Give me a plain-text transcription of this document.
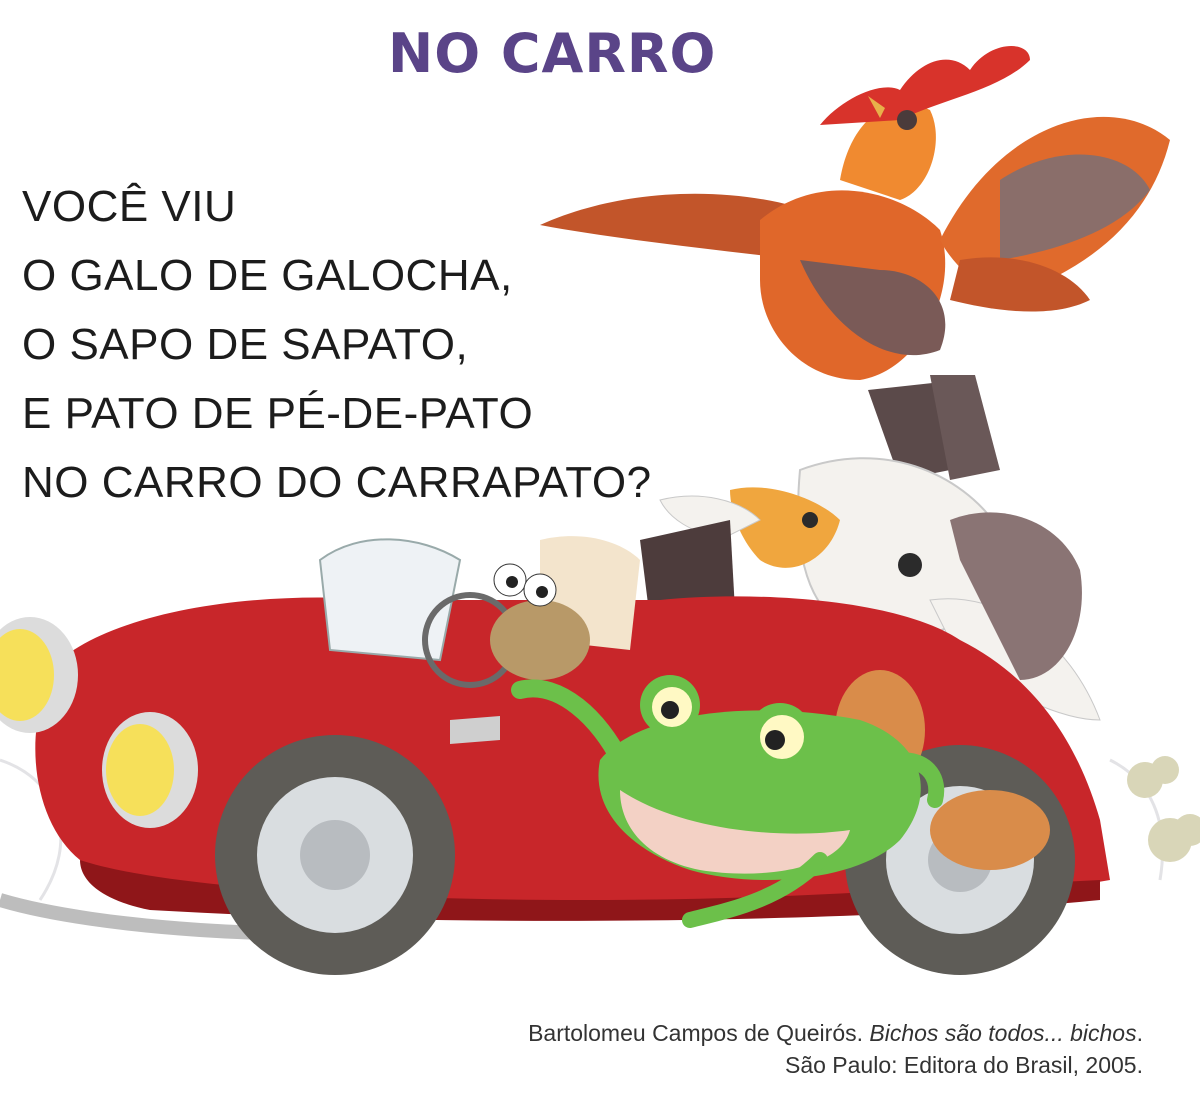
NO CARRO
VOCÊ VIU
O GALO DE GALOCHA,
O SAPO DE SAPATO,
E PATO DE PÉ-DE-PATO
NO CARRO DO CARRAPATO?
Bartolomeu Campos de Queirós. Bichos são todos... bichos.
São Paulo: Editora do Brasil, 2005.
